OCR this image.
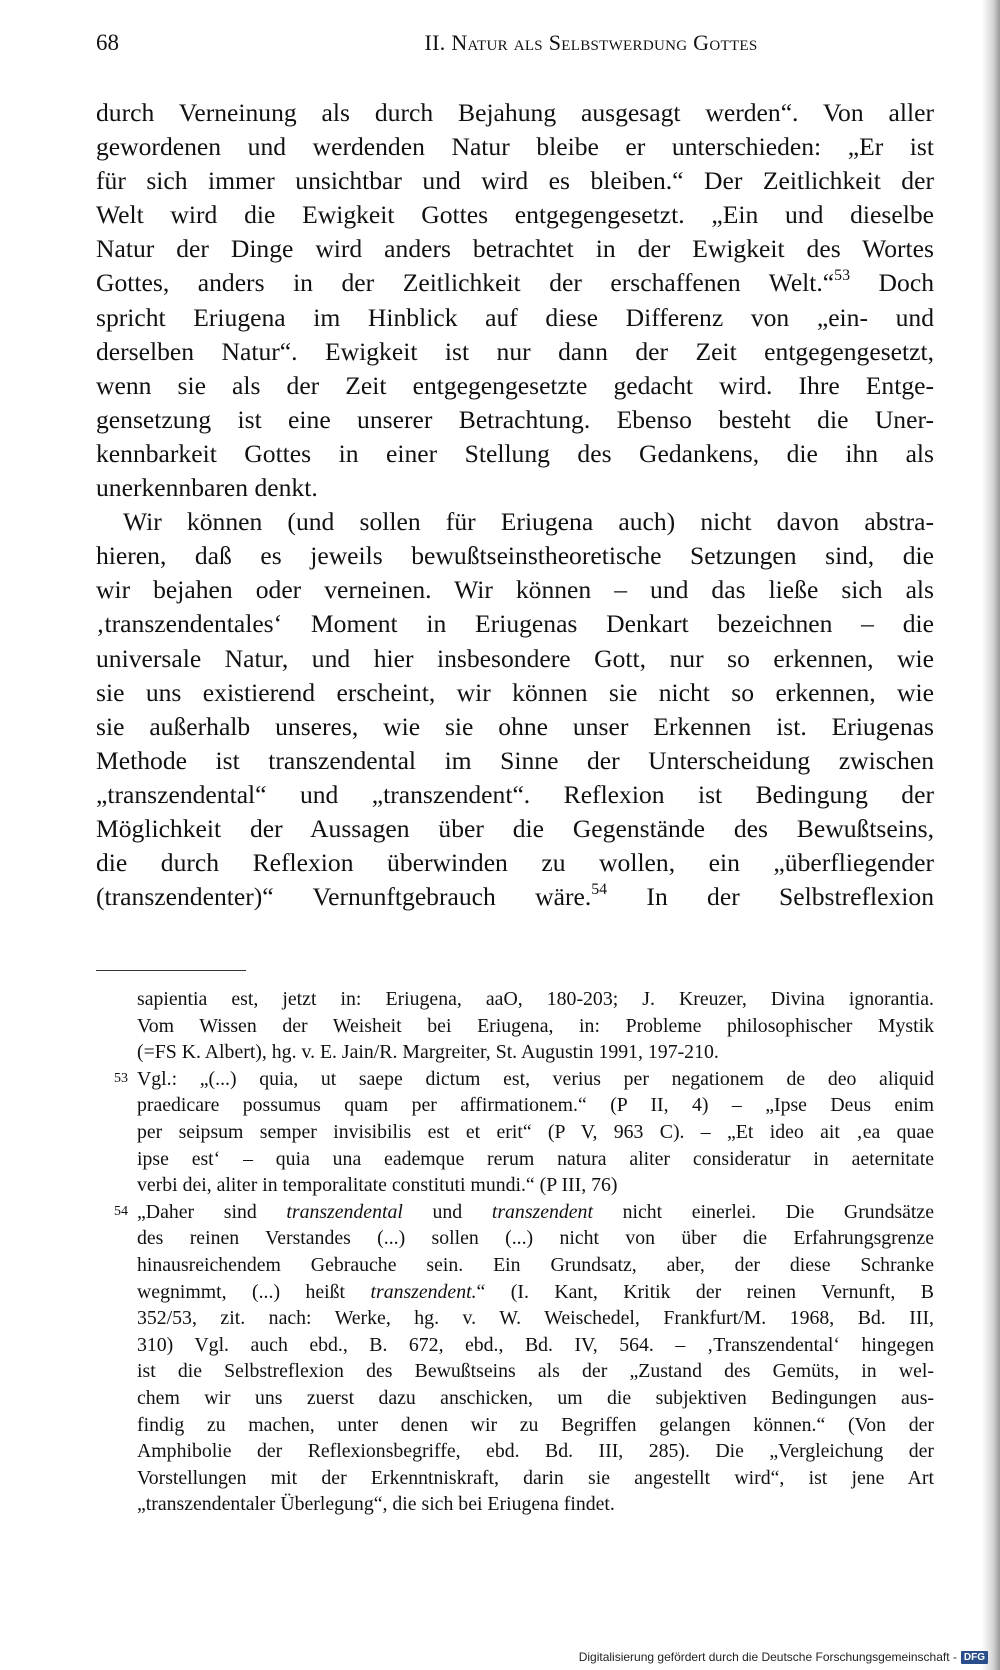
68	II. Natur als Selbstwerdung Gottes
durch Verneinung als durch Bejahung ausgesagt werden“. Von aller
gewordenen und werdenden Natur bleibe er unterschieden: „Er ist
für sich immer unsichtbar und wird es bleiben.“ Der Zeitlichkeit der
Welt wird die Ewigkeit Gottes entgegengesetzt. „Ein und dieselbe
Natur der Dinge wird anders betrachtet in der Ewigkeit des Wortes
Gottes, anders in der Zeitlichkeit der erschaffenen Welt.“$^{53}$ Doch
spricht Eriugena im Hinblick auf diese Differenz von „ein- und
derselben Natur“. Ewigkeit ist nur dann der Zeit entgegengesetzt,
wenn sie als der Zeit entgegengesetzte gedacht wird. Ihre Entge-
gensetzung ist eine unserer Betrachtung. Ebenso besteht die Uner-
kennbarkeit Gottes in einer Stellung des Gedankens, die ihn als
unerkennbaren denkt.
Wir können (und sollen für Eriugena auch) nicht davon abstra-
hieren, daß es jeweils bewußtseinstheoretische Setzungen sind, die
wir bejahen oder verneinen. Wir können – und das ließe sich als
‚transzendentales‘ Moment in Eriugenas Denkart bezeichnen – die
universale Natur, und hier insbesondere Gott, nur so erkennen, wie
sie uns existierend erscheint, wir können sie nicht so erkennen, wie
sie außerhalb unseres, wie sie ohne unser Erkennen ist. Eriugenas
Methode ist transzendental im Sinne der Unterscheidung zwischen
„transzendental“ und „transzendent“. Reflexion ist Bedingung der
Möglichkeit der Aussagen über die Gegenstände des Bewußtseins,
die durch Reflexion überwinden zu wollen, ein „überfliegender
(transzendenter)“ Vernunftgebrauch wäre.$^{54}$ In der Selbstreflexion
sapientia est, jetzt in: Eriugena, aaO, 180-203; J. Kreuzer, Divina ignorantia.
Vom Wissen der Weisheit bei Eriugena, in: Probleme philosophischer Mystik
(=FS K. Albert), hg. v. E. Jain/R. Margreiter, St. Augustin 1991, 197-210.
53 Vgl.: „(...) quia, ut saepe dictum est, verius per negationem de deo aliquid
praedicare possumus quam per affirmationem.“ (P II, 4) – „Ipse Deus enim
per seipsum semper invisibilis est et erit“ (P V, 963 C). – „Et ideo ait ‚ea quae
ipse est‘ – quia una eademque rerum natura aliter consideratur in aeternitate
verbi dei, aliter in temporalitate constituti mundi.“ (P III, 76)
54 „Daher sind transzendental und transzendent nicht einerlei. Die Grundsätze
des reinen Verstandes (...) sollen (...) nicht von über die Erfahrungsgrenze
hinausreichendem Gebrauche sein. Ein Grundsatz, aber, der diese Schranke
wegnimmt, (...) heißt transzendent.“ (I. Kant, Kritik der reinen Vernunft, B
352/53, zit. nach: Werke, hg. v. W. Weischedel, Frankfurt/M. 1968, Bd. III,
310) Vgl. auch ebd., B. 672, ebd., Bd. IV, 564. – ‚Transzendental‘ hingegen
ist die Selbstreflexion des Bewußtseins als der „Zustand des Gemüts, in wel-
chem wir uns zuerst dazu anschicken, um die subjektiven Bedingungen aus-
findig zu machen, unter denen wir zu Begriffen gelangen können.“ (Von der
Amphibolie der Reflexionsbegriffe, ebd. Bd. III, 285). Die „Vergleichung der
Vorstellungen mit der Erkenntniskraft, darin sie angestellt wird“, ist jene Art
„transzendentaler Überlegung“, die sich bei Eriugena findet.
Digitalisierung gefördert durch die Deutsche Forschungsgemeinschaft - DFG
